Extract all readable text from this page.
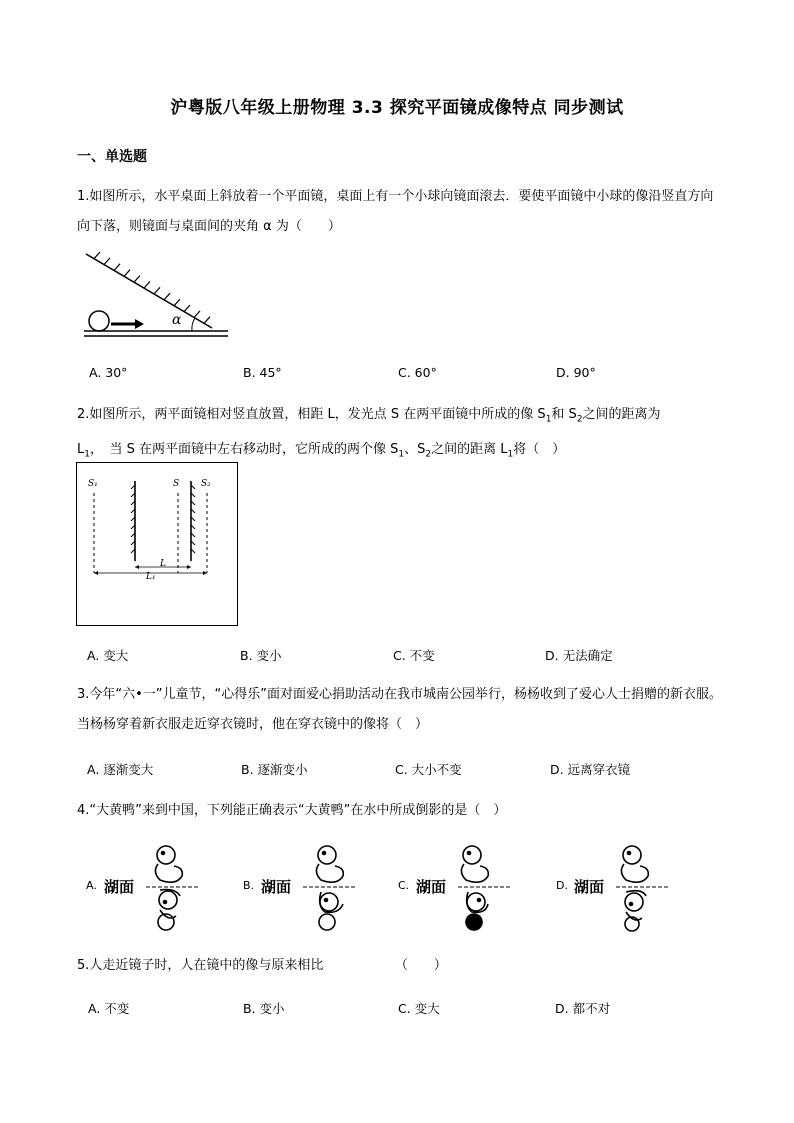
沪粤版八年级上册物理 3.3 探究平面镜成像特点 同步测试
一、单选题
1.如图所示，水平桌面上斜放着一个平面镜，桌面上有一个小球向镜面滚去．要使平面镜中小球的像沿竖直方向向下落，则镜面与桌面间的夹角 α 为（　　）
α
A. 30°	B. 45°	C. 60°	D. 90°
2.如图所示，两平面镜相对竖直放置，相距 L，发光点 S 在两平面镜中所成的像 $S_1$和 $S_2$之间的距离为
$L_1$，　当 S 在两平面镜中左右移动时，它所成的两个像 $S_1$、$S_2$之间的距离 $L_1$将（　）
S₁	S S₂
L
L₁
A. 变大	B. 变小	C. 不变	D. 无法确定
3.今年“六•一”儿童节，“心得乐”面对面爱心捐助活动在我市城南公园举行，杨杨收到了爱心人士捐赠的新衣服。当杨杨穿着新衣服走近穿衣镜时，他在穿衣镜中的像将（　）
A. 逐渐变大	B. 逐渐变小	C. 大小不变	D. 远离穿衣镜
4.“大黄鸭”来到中国，下列能正确表示“大黄鸭”在水中所成倒影的是（　）
A. 湖面	B. 湖面	C. 湖面	D. 湖面
5.人走近镜子时，人在镜中的像与原来相比　　　　　　（　　）
A. 不变	B. 变小	C. 变大	D. 都不对
